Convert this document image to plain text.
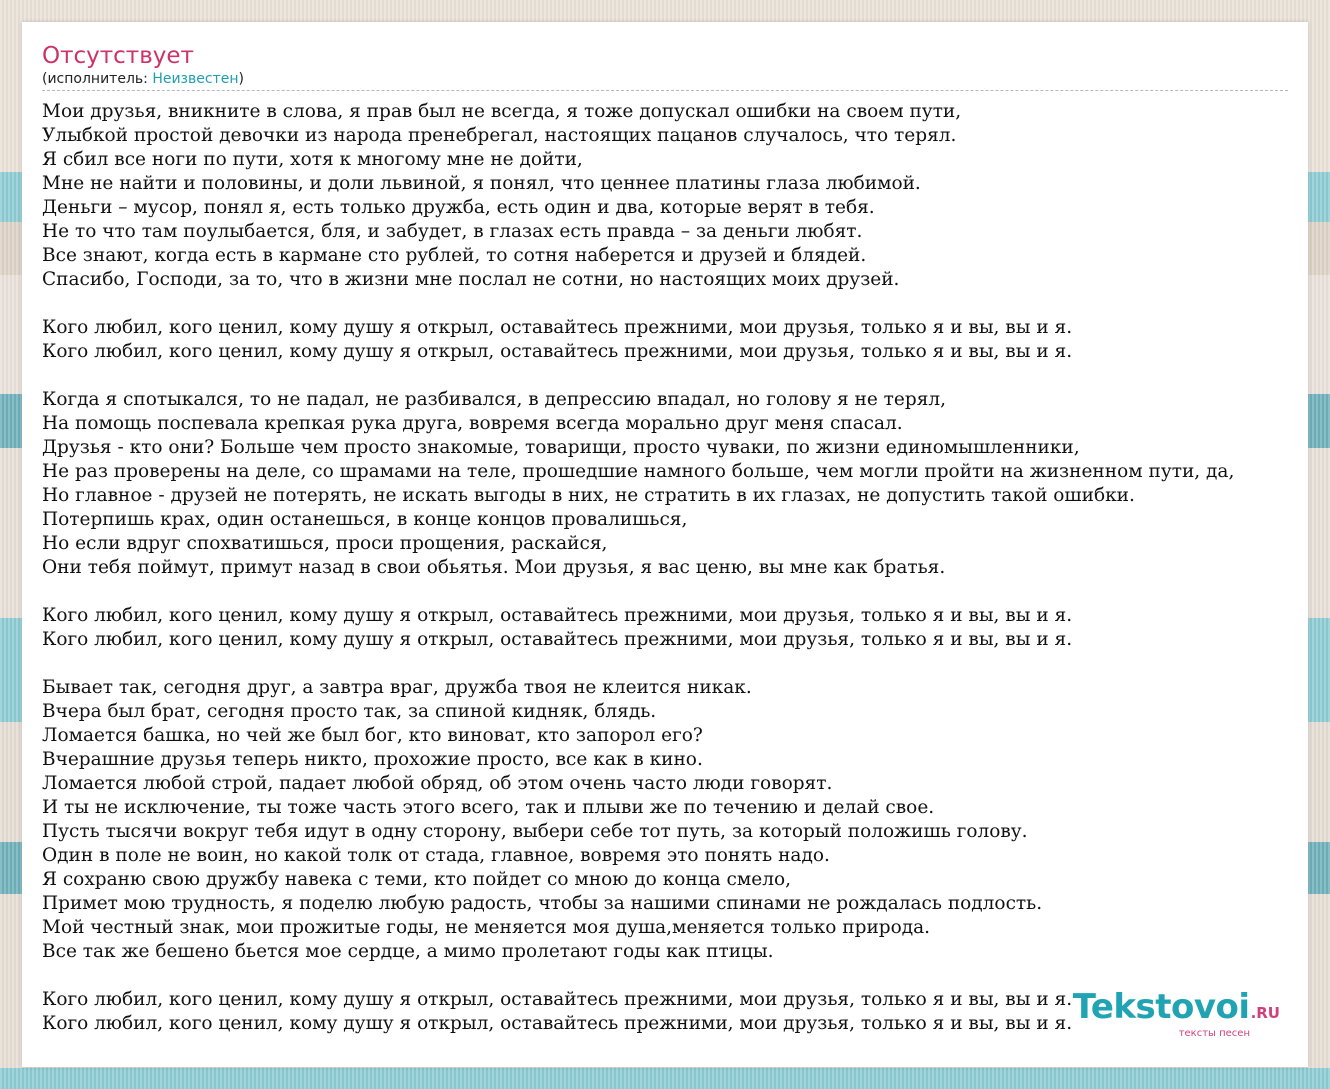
Отсутствует
(исполнитель: Неизвестен)
Мои друзья, вникните в слова, я прав был не всегда, я тоже допускал ошибки на своем пути,
Улыбкой простой девочки из народа пренебрегал, настоящих пацанов случалось, что терял.
Я сбил все ноги по пути, хотя к многому мне не дойти,
Мне не найти и половины, и доли львиной, я понял, что ценнее платины глаза любимой.
Деньги – мусор, понял я, есть только дружба, есть один и два, которые верят в тебя.
Не то что там поулыбается, бля, и забудет, в глазах есть правда – за деньги любят.
Все знают, когда есть в кармане сто рублей, то сотня наберется и друзей и блядей.
Спасибо, Господи, за то, что в жизни мне послал не сотни, но настоящих моих друзей.
Кого любил, кого ценил, кому душу я открыл, оставайтесь прежними, мои друзья, только я и вы, вы и я.
Кого любил, кого ценил, кому душу я открыл, оставайтесь прежними, мои друзья, только я и вы, вы и я.
Когда я спотыкался, то не падал, не разбивался, в депрессию впадал, но голову я не терял,
На помощь поспевала крепкая рука друга, вовремя всегда морально друг меня спасал.
Друзья - кто они? Больше чем просто знакомые, товарищи, просто чуваки, по жизни единомышленники,
Не раз проверены на деле, со шрамами на теле, прошедшие намного больше, чем могли пройти на жизненном пути, да,
Но главное - друзей не потерять, не искать выгоды в них, не стратить в их глазах, не допустить такой ошибки.
Потерпишь крах, один останешься, в конце концов провалишься,
Но если вдруг спохватишься, проси прощения, раскайся,
Они тебя поймут, примут назад в свои обьятья. Мои друзья, я вас ценю, вы мне как братья.
Кого любил, кого ценил, кому душу я открыл, оставайтесь прежними, мои друзья, только я и вы, вы и я.
Кого любил, кого ценил, кому душу я открыл, оставайтесь прежними, мои друзья, только я и вы, вы и я.
Бывает так, сегодня друг, а завтра враг, дружба твоя не клеится никак.
Вчера был брат, сегодня просто так, за спиной кидняк, блядь.
Ломается башка, но чей же был бог, кто виноват, кто запорол его?
Вчерашние друзья теперь никто, прохожие просто, все как в кино.
Ломается любой строй, падает любой обряд, об этом очень часто люди говорят.
И ты не исключение, ты тоже часть этого всего, так и плыви же по течению и делай свое.
Пусть тысячи вокруг тебя идут в одну сторону, выбери себе тот путь, за который положишь голову.
Один в поле не воин, но какой толк от стада, главное, вовремя это понять надо.
Я сохраню свою дружбу навека с теми, кто пойдет со мною до конца смело,
Примет мою трудность, я поделю любую радость, чтобы за нашими спинами не рождалась подлость.
Мой честный знак, мои прожитые годы, не меняется моя душа,меняется только природа.
Все так же бешено бьется мое сердце, а мимо пролетают годы как птицы.
Кого любил, кого ценил, кому душу я открыл, оставайтесь прежними, мои друзья, только я и вы, вы и я.
Кого любил, кого ценил, кому душу я открыл, оставайтесь прежними, мои друзья, только я и вы, вы и я. Tekstovoi.RU
тексты песен
